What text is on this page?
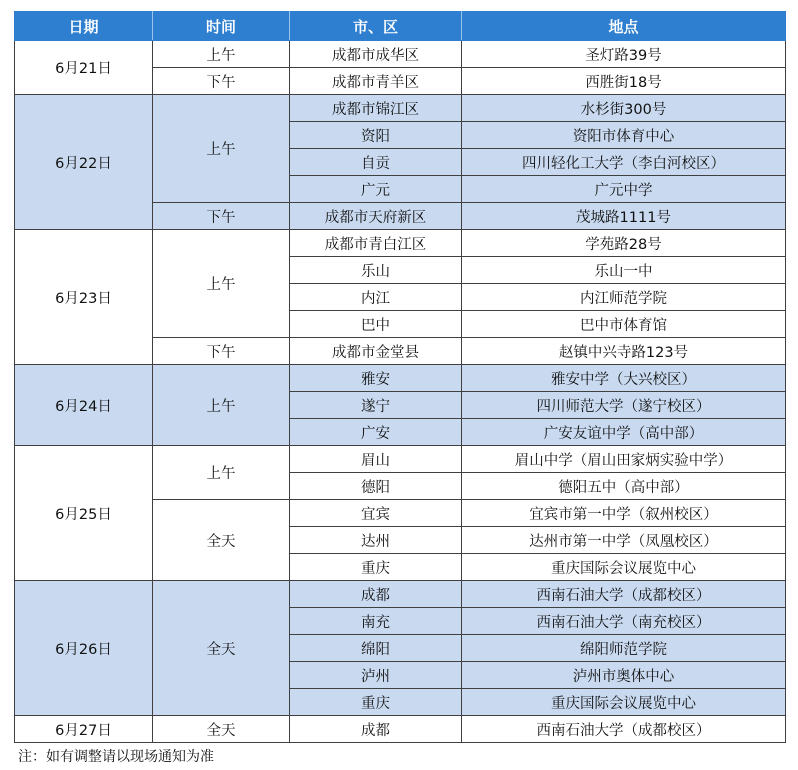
日期	时间	市、区	地点
6月21日	上午	成都市成华区	圣灯路39号
	下午	成都市青羊区	西胜街18号
6月22日	上午	成都市锦江区	水杉街300号
		资阳	资阳市体育中心
		自贡	四川轻化工大学（李白河校区）
		广元	广元中学
	下午	成都市天府新区	茂城路1111号
6月23日	上午	成都市青白江区	学苑路28号
		乐山	乐山一中
		内江	内江师范学院
		巴中	巴中市体育馆
	下午	成都市金堂县	赵镇中兴寺路123号
6月24日	上午	雅安	雅安中学（大兴校区）
		遂宁	四川师范大学（遂宁校区）
		广安	广安友谊中学（高中部）
6月25日	上午	眉山	眉山中学（眉山田家炳实验中学）
		德阳	德阳五中（高中部）
	全天	宜宾	宜宾市第一中学（叙州校区）
		达州	达州市第一中学（凤凰校区）
		重庆	重庆国际会议展览中心
6月26日	全天	成都	西南石油大学（成都校区）
		南充	西南石油大学（南充校区）
		绵阳	绵阳师范学院
		泸州	泸州市奥体中心
		重庆	重庆国际会议展览中心
6月27日	全天	成都	西南石油大学（成都校区）
注：如有调整请以现场通知为准
